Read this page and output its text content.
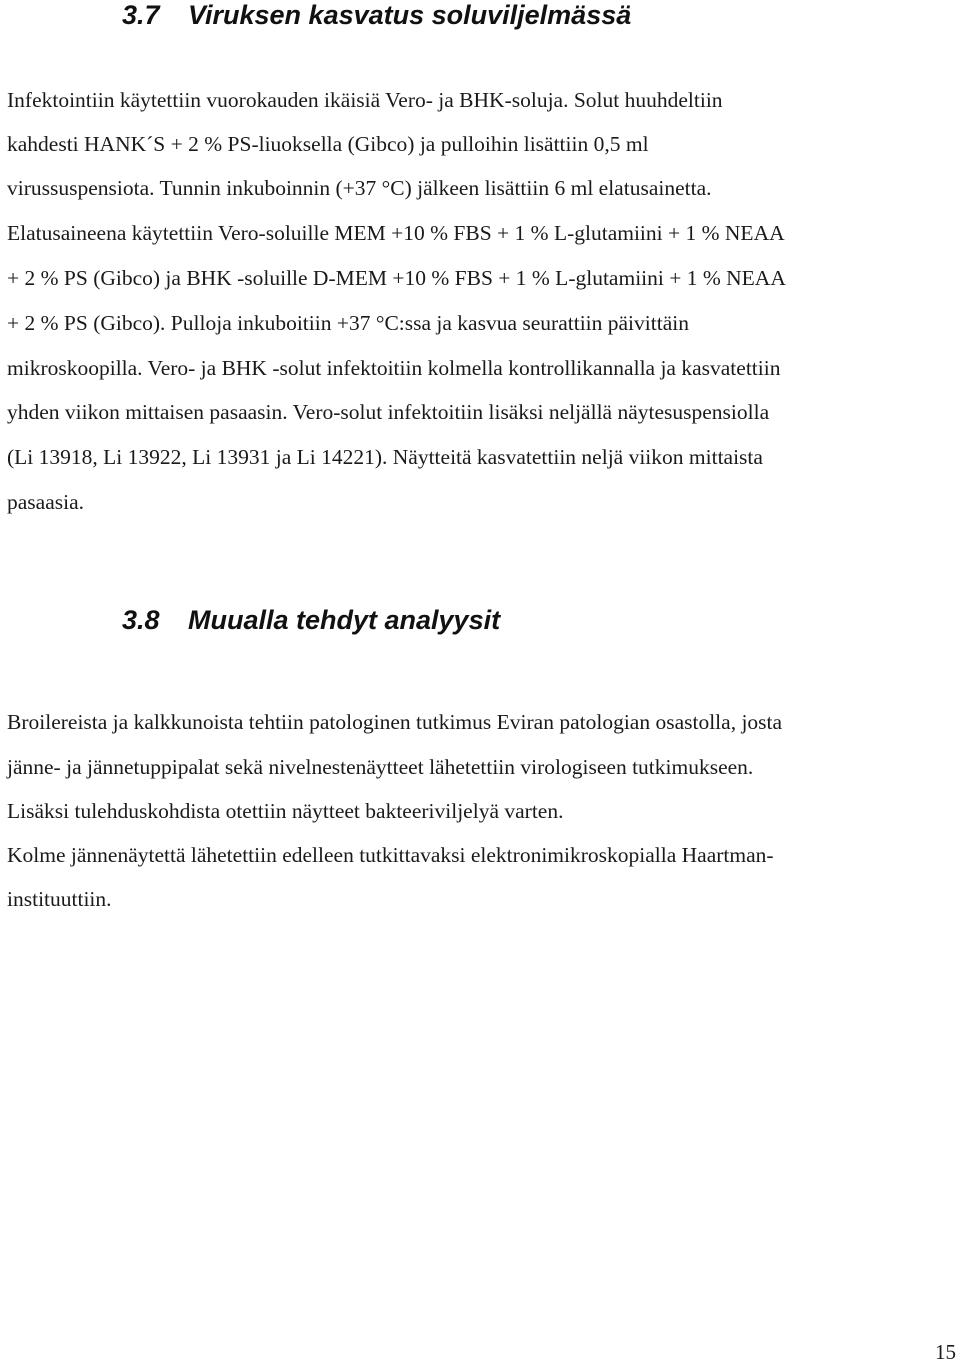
3.7 Viruksen kasvatus soluviljelmässä

Infektointiin käytettiin vuorokauden ikäisiä Vero- ja BHK-soluja. Solut huuhdeltiin

kahdesti HANK´S + 2 % PS-liuoksella (Gibco) ja pulloihin lisättiin 0,5 ml

virussuspensiota. Tunnin inkuboinnin (+37 °C) jälkeen lisättiin 6 ml elatusainetta.

Elatusaineena käytettiin Vero-soluille MEM +10 % FBS + 1 % L-glutamiini + 1 % NEAA

+ 2 % PS (Gibco) ja BHK -soluille D-MEM +10 % FBS + 1 % L-glutamiini + 1 % NEAA

+ 2 % PS (Gibco). Pulloja inkuboitiin +37 °C:ssa ja kasvua seurattiin päivittäin

mikroskoopilla. Vero- ja BHK -solut infektoitiin kolmella kontrollikannalla ja kasvatettiin

yhden viikon mittaisen pasaasin. Vero-solut infektoitiin lisäksi neljällä näytesuspensiolla

(Li 13918, Li 13922, Li 13931 ja Li 14221). Näytteitä kasvatettiin neljä viikon mittaista

pasaasia.

3.8 Muualla tehdyt analyysit

Broilereista ja kalkkunoista tehtiin patologinen tutkimus Eviran patologian osastolla, josta

jänne- ja jännetuppipalat sekä nivelnestenäytteet lähetettiin virologiseen tutkimukseen.

Lisäksi tulehduskohdista otettiin näytteet bakteeriviljelyä varten.

Kolme jännenäytettä lähetettiin edelleen tutkittavaksi elektronimikroskopialla Haartman-

instituuttiin.

15
